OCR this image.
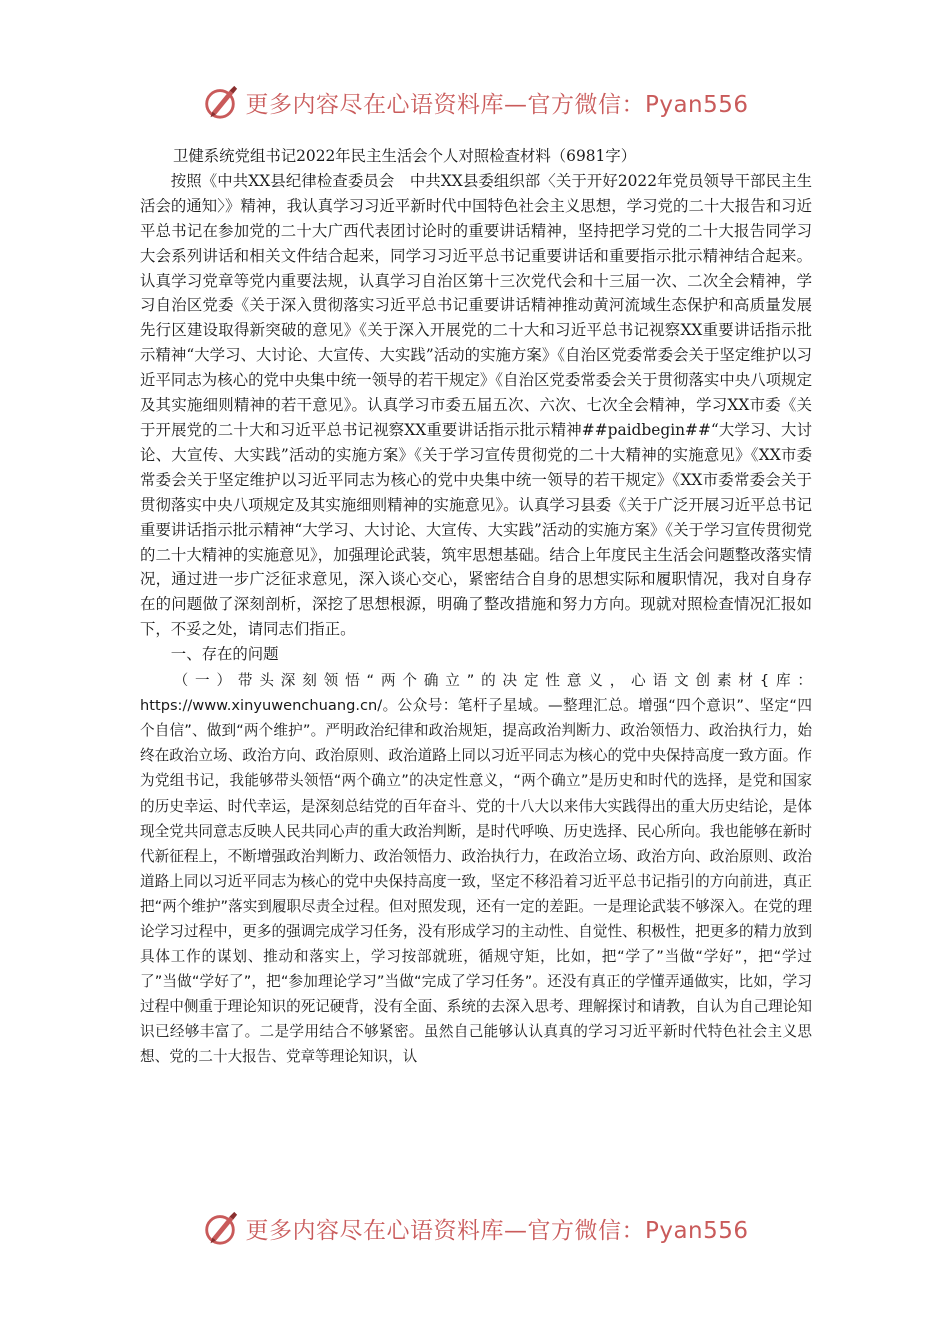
更多内容尽在心语资料库—官方微信：Pyan556

卫健系统党组书记2022年民主生活会个人对照检查材料（6981字）

按照《中共XX县纪律检查委员会　中共XX县委组织部〈关于开好2022年党员领导干部民主生活会的通知〉》精神，我认真学习习近平新时代中国特色社会主义思想，学习党的二十大报告和习近平总书记在参加党的二十大广西代表团讨论时的重要讲话精神，坚持把学习党的二十大报告同学习大会系列讲话和相关文件结合起来，同学习习近平总书记重要讲话和重要指示批示精神结合起来。认真学习党章等党内重要法规，认真学习自治区第十三次党代会和十三届一次、二次全会精神，学习自治区党委《关于深入贯彻落实习近平总书记重要讲话精神推动黄河流域生态保护和高质量发展先行区建设取得新突破的意见》《关于深入开展党的二十大和习近平总书记视察XX重要讲话指示批示精神“大学习、大讨论、大宣传、大实践”活动的实施方案》《自治区党委常委会关于坚定维护以习近平同志为核心的党中央集中统一领导的若干规定》《自治区党委常委会关于贯彻落实中央八项规定及其实施细则精神的若干意见》。认真学习市委五届五次、六次、七次全会精神，学习XX市委《关于开展党的二十大和习近平总书记视察XX重要讲话指示批示精神##paidbegin##“大学习、大讨论、大宣传、大实践”活动的实施方案》《关于学习宣传贯彻党的二十大精神的实施意见》《XX市委常委会关于坚定维护以习近平同志为核心的党中央集中统一领导的若干规定》《XX市委常委会关于贯彻落实中央八项规定及其实施细则精神的实施意见》。认真学习县委《关于广泛开展习近平总书记重要讲话指示批示精神“大学习、大讨论、大宣传、大实践”活动的实施方案》《关于学习宣传贯彻党的二十大精神的实施意见》，加强理论武装，筑牢思想基础。结合上年度民主生活会问题整改落实情况，通过进一步广泛征求意见，深入谈心交心，紧密结合自身的思想实际和履职情况，我对自身存在的问题做了深刻剖析，深挖了思想根源，明确了整改措施和努力方向。现就对照检查情况汇报如下，不妥之处，请同志们指正。

一、存在的问题

（一）带头深刻领悟“两个确立”的决定性意义，心语文创素材{库：https://www.xinyuwenchuang.cn/。公众号：笔杆子星域。—整理汇总。增强“四个意识”、坚定“四个自信”、做到“两个维护”。严明政治纪律和政治规矩，提高政治判断力、政治领悟力、政治执行力，始终在政治立场、政治方向、政治原则、政治道路上同以习近平同志为核心的党中央保持高度一致方面。作为党组书记，我能够带头领悟“两个确立”的决定性意义，“两个确立”是历史和时代的选择，是党和国家的历史幸运、时代幸运，是深刻总结党的百年奋斗、党的十八大以来伟大实践得出的重大历史结论，是体现全党共同意志反映人民共同心声的重大政治判断，是时代呼唤、历史选择、民心所向。我也能够在新时代新征程上，不断增强政治判断力、政治领悟力、政治执行力，在政治立场、政治方向、政治原则、政治道路上同以习近平同志为核心的党中央保持高度一致，坚定不移沿着习近平总书记指引的方向前进，真正把“两个维护”落实到履职尽责全过程。但对照发现，还有一定的差距。一是理论武装不够深入。在党的理论学习过程中，更多的强调完成学习任务，没有形成学习的主动性、自觉性、积极性，把更多的精力放到具体工作的谋划、推动和落实上，学习按部就班，循规守矩，比如，把“学了”当做“学好”，把“学过了”当做“学好了”，把“参加理论学习”当做“完成了学习任务”。还没有真正的学懂弄通做实，比如，学习过程中侧重于理论知识的死记硬背，没有全面、系统的去深入思考、理解探讨和请教，自认为自己理论知识已经够丰富了。二是学用结合不够紧密。虽然自己能够认认真真的学习习近平新时代特色社会主义思想、党的二十大报告、党章等理论知识，认

更多内容尽在心语资料库—官方微信：Pyan556
